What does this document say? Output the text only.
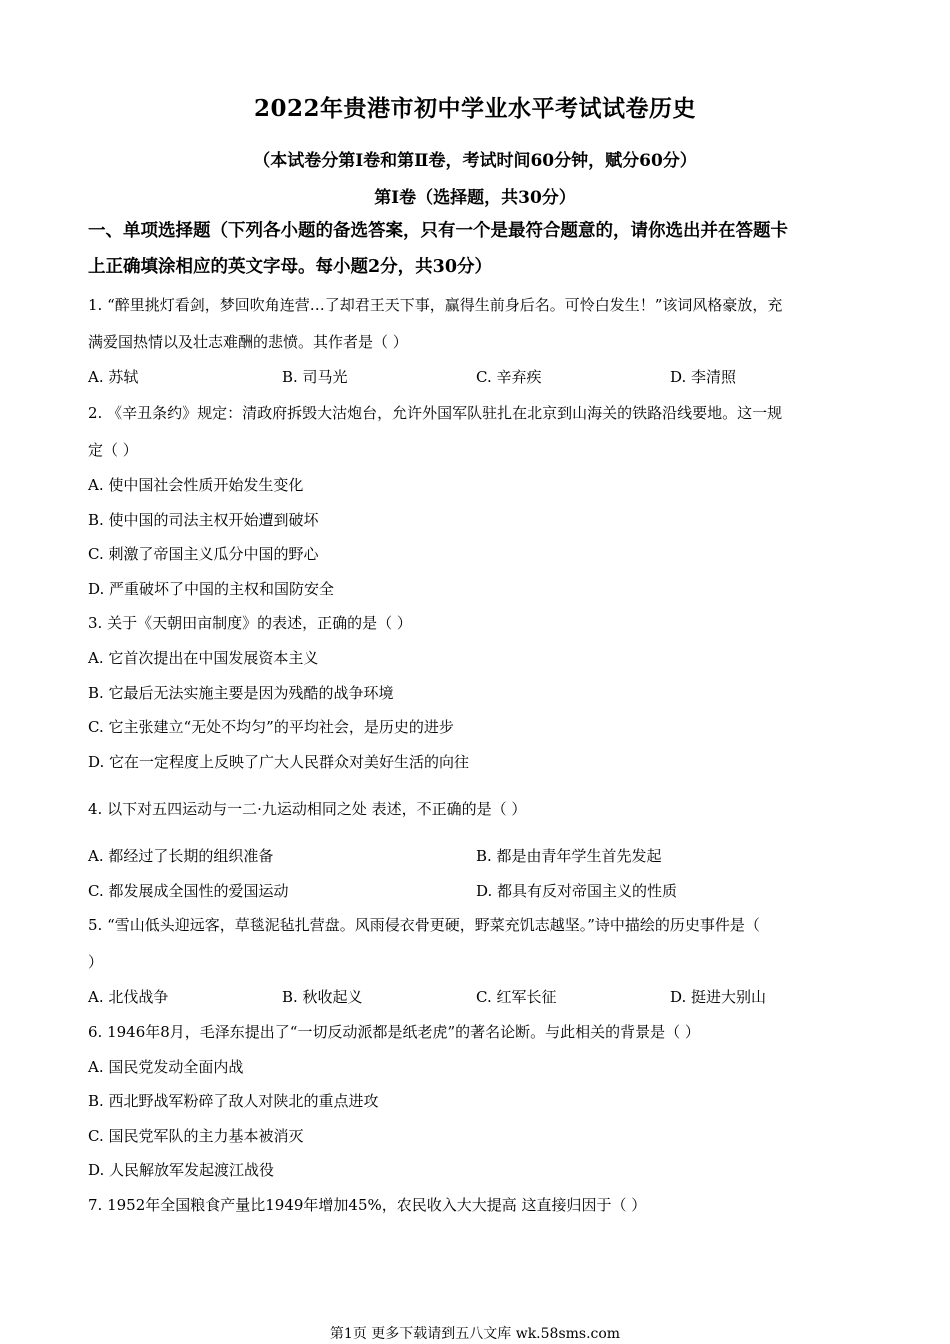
2022年贵港市初中学业水平考试试卷历史
（本试卷分第Ⅰ卷和第Ⅱ卷，考试时间60分钟，赋分60分）
第Ⅰ卷（选择题，共30分）
一、单项选择题（下列各小题的备选答案，只有一个是最符合题意的，请你选出并在答题卡
上正确填涂相应的英文字母。每小题2分，共30分）
1. “醉里挑灯看剑，梦回吹角连营…了却君王天下事，赢得生前身后名。可怜白发生！”该词风格豪放，充
满爱国热情以及壮志难酬的悲愤。其作者是（ ）
A. 苏轼	B. 司马光	C. 辛弃疾	D. 李清照
2. 《辛丑条约》规定：清政府拆毁大沽炮台，允许外国军队驻扎在北京到山海关的铁路沿线要地。这一规
定（ ）
A. 使中国社会性质开始发生变化
B. 使中国的司法主权开始遭到破坏
C. 刺激了帝国主义瓜分中国的野心
D. 严重破坏了中国的主权和国防安全
3. 关于《天朝田亩制度》的表述，正确的是（ ）
A. 它首次提出在中国发展资本主义
B. 它最后无法实施主要是因为残酷的战争环境
C. 它主张建立“无处不均匀”的平均社会，是历史的进步
D. 它在一定程度上反映了广大人民群众对美好生活的向往
4. 以下对五四运动与一二·九运动相同之处 表述，不正确的是（ ）
A. 都经过了长期的组织准备	B. 都是由青年学生首先发起
C. 都发展成全国性的爱国运动	D. 都具有反对帝国主义的性质
5. “雪山低头迎远客，草毯泥毡扎营盘。风雨侵衣骨更硬，野菜充饥志越坚。”诗中描绘的历史事件是（
）
A. 北伐战争	B. 秋收起义	C. 红军长征	D. 挺进大别山
6. 1946年8月，毛泽东提出了“一切反动派都是纸老虎”的著名论断。与此相关的背景是（ ）
A. 国民党发动全面内战
B. 西北野战军粉碎了敌人对陕北的重点进攻
C. 国民党军队的主力基本被消灭
D. 人民解放军发起渡江战役
7. 1952年全国粮食产量比1949年增加45%，农民收入大大提高 这直接归因于（ ）
第1页 更多下载请到五八文库 wk.58sms.com
